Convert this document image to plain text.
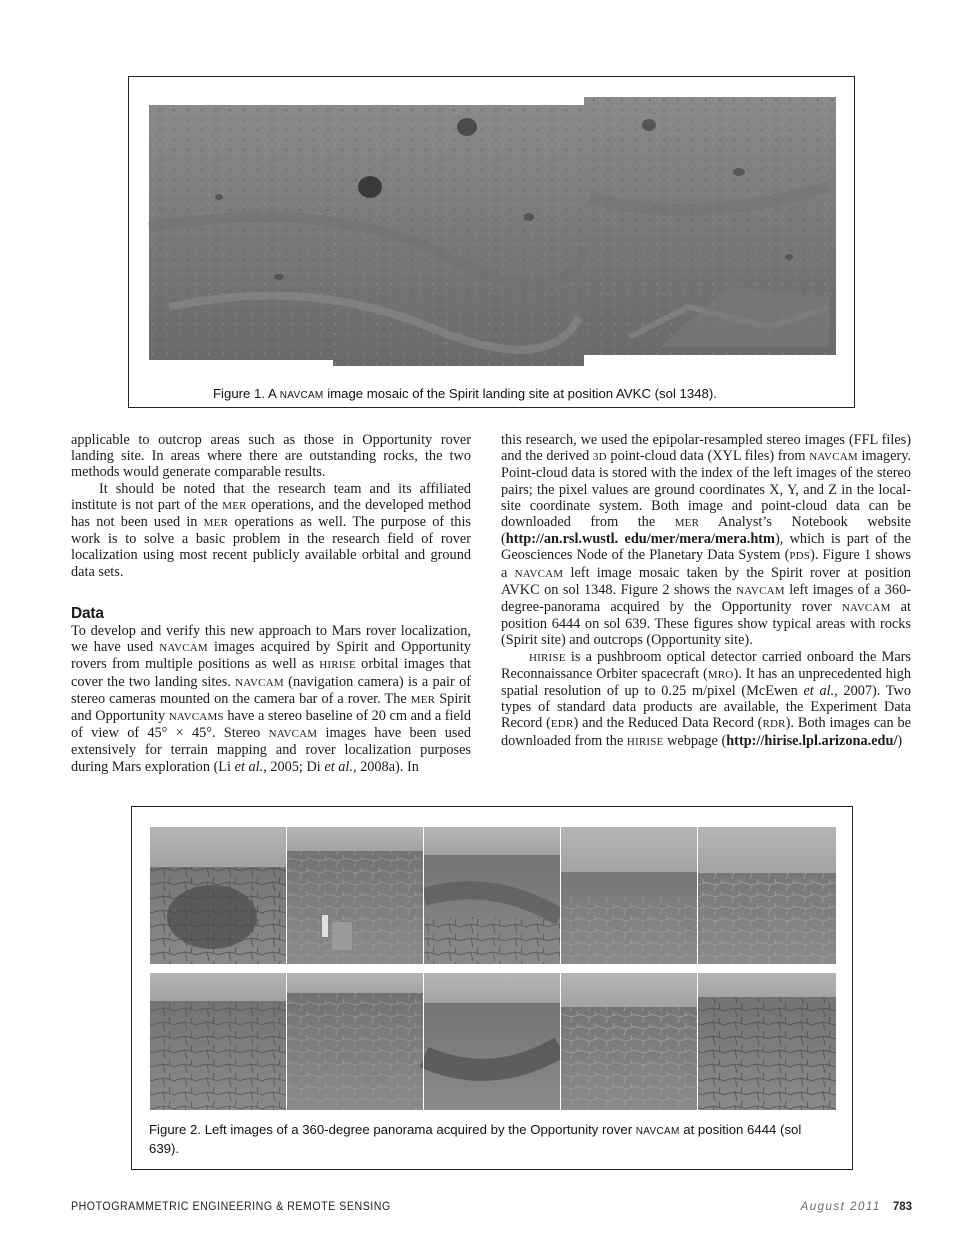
Figure 1. A NAVCAM image mosaic of the Spirit landing site at position AVKC (sol 1348).

applicable to outcrop areas such as those in Opportunity rover landing site. In areas where there are outstanding rocks, the two methods would generate comparable results.

It should be noted that the research team and its affiliated institute is not part of the MER operations, and the developed method has not been used in MER operations as well. The purpose of this work is to solve a basic problem in the research field of rover localization using most recent publicly available orbital and ground data sets.

Data

To develop and verify this new approach to Mars rover localization, we have used NAVCAM images acquired by Spirit and Opportunity rovers from multiple positions as well as HIRISE orbital images that cover the two landing sites. NAVCAM (navigation camera) is a pair of stereo cameras mounted on the camera bar of a rover. The MER Spirit and Opportunity NAVCAMS have a stereo baseline of 20 cm and a field of view of 45° × 45°. Stereo NAVCAM images have been used extensively for terrain mapping and rover localization purposes during Mars exploration (Li et al., 2005; Di et al., 2008a). In

this research, we used the epipolar-resampled stereo images (FFL files) and the derived 3D point-cloud data (XYL files) from NAVCAM imagery. Point-cloud data is stored with the index of the left images of the stereo pairs; the pixel values are ground coordinates X, Y, and Z in the local-site coordinate system. Both image and point-cloud data can be downloaded from the MER Analyst’s Notebook website (http://an.rsl.wustl. edu/mer/mera/mera.htm), which is part of the Geosciences Node of the Planetary Data System (PDS). Figure 1 shows a NAVCAM left image mosaic taken by the Spirit rover at position AVKC on sol 1348. Figure 2 shows the NAVCAM left images of a 360-degree-panorama acquired by the Opportunity rover NAVCAM at position 6444 on sol 639. These figures show typical areas with rocks (Spirit site) and outcrops (Opportunity site).

HIRISE is a pushbroom optical detector carried onboard the Mars Reconnaissance Orbiter spacecraft (MRO). It has an unprecedented high spatial resolution of up to 0.25 m/pixel (McEwen et al., 2007). Two types of standard data products are available, the Experiment Data Record (EDR) and the Reduced Data Record (RDR). Both images can be downloaded from the HIRISE webpage (http://hirise.lpl.arizona.edu/)

Figure 2. Left images of a 360-degree panorama acquired by the Opportunity rover NAVCAM at position 6444 (sol 639).
PHOTOGRAMMETRIC ENGINEERING & REMOTE SENSING	August 2011 783
